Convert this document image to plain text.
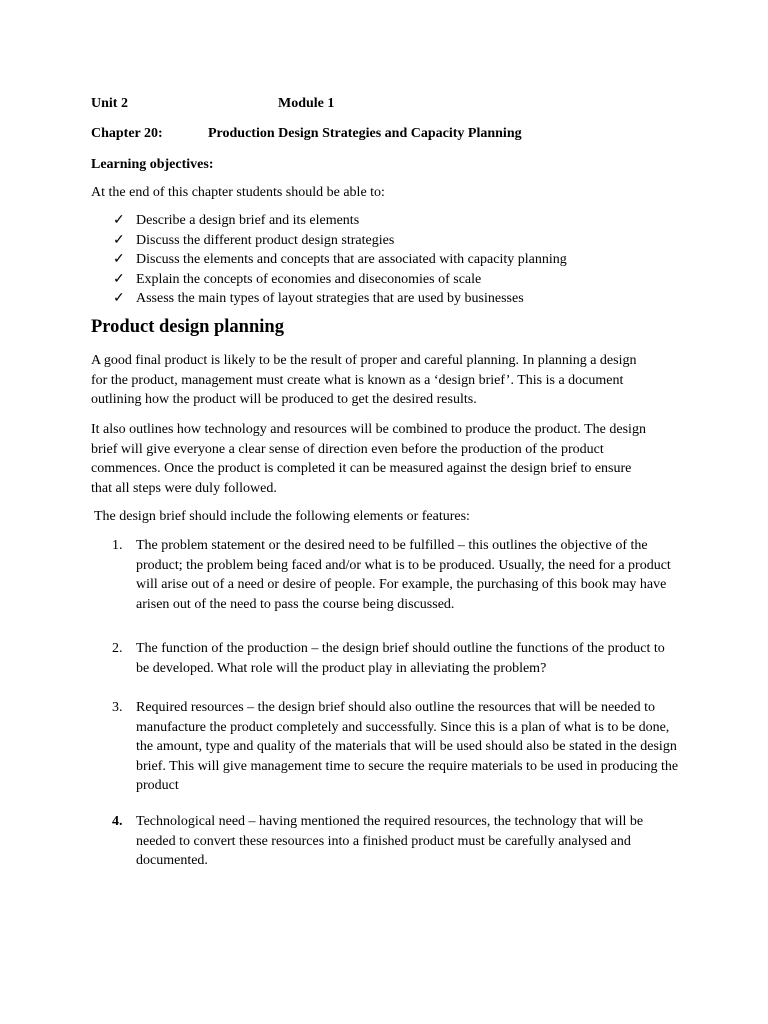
Unit 2	Module 1
Chapter 20:	Production Design Strategies and Capacity Planning
Learning objectives:
At the end of this chapter students should be able to:
✓ Describe a design brief and its elements
✓ Discuss the different product design strategies
✓ Discuss the elements and concepts that are associated with capacity planning
✓ Explain the concepts of economies and diseconomies of scale
✓ Assess the main types of layout strategies that are used by businesses
Product design planning

A good final product is likely to be the result of proper and careful planning. In planning a design for the product, management must create what is known as a ‘design brief’. This is a document outlining how the product will be produced to get the desired results.

It also outlines how technology and resources will be combined to produce the product. The design brief will give everyone a clear sense of direction even before the production of the product commences. Once the product is completed it can be measured against the design brief to ensure that all steps were duly followed.

The design brief should include the following elements or features:

1. The problem statement or the desired need to be fulfilled – this outlines the objective of the product; the problem being faced and/or what is to be produced. Usually, the need for a product will arise out of a need or desire of people. For example, the purchasing of this book may have arisen out of the need to pass the course being discussed.
2. The function of the production – the design brief should outline the functions of the product to be developed. What role will the product play in alleviating the problem?
3. Required resources – the design brief should also outline the resources that will be needed to manufacture the product completely and successfully. Since this is a plan of what is to be done, the amount, type and quality of the materials that will be used should also be stated in the design brief. This will give management time to secure the require materials to be used in producing the product
4. Technological need – having mentioned the required resources, the technology that will be needed to convert these resources into a finished product must be carefully analysed and documented.
